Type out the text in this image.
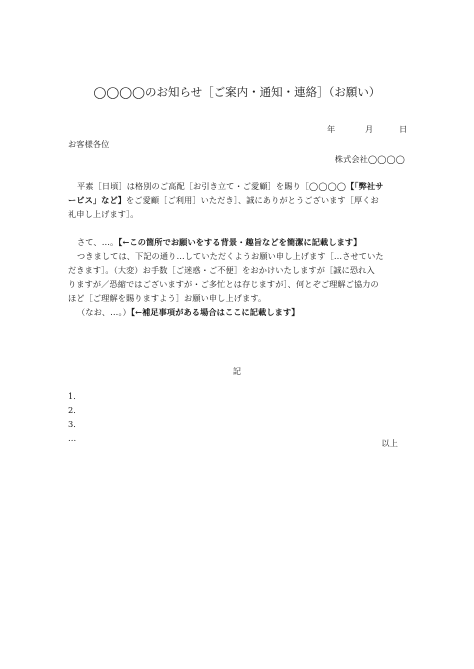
◯◯◯◯のお知らせ［ご案内・通知・連絡］（お願い）
年	月	日
お客様各位
株式会社◯◯◯◯
平素［日頃］は格別のご高配［お引き立て・ご愛顧］を賜り［◯◯◯◯【「弊社サ
ービス」など】をご愛顧［ご利用］いただき］、誠にありがとうございます［厚くお
礼申し上げます］。
さて、…。【←この箇所でお願いをする背景・趣旨などを簡潔に記載します】
つきましては、下記の通り…していただくようお願い申し上げます［…させていた
だきます］。（大変）お手数［ご迷惑・ご不便］をおかけいたしますが［誠に恐れ入
りますが／恐縮ではございますが・ご多忙とは存じますが］、何とぞご理解ご協力の
ほど［ご理解を賜りますよう］お願い申し上げます。
（なお、…。）【←補足事項がある場合はここに記載します】
記
1．
2．
3．
…	以上
